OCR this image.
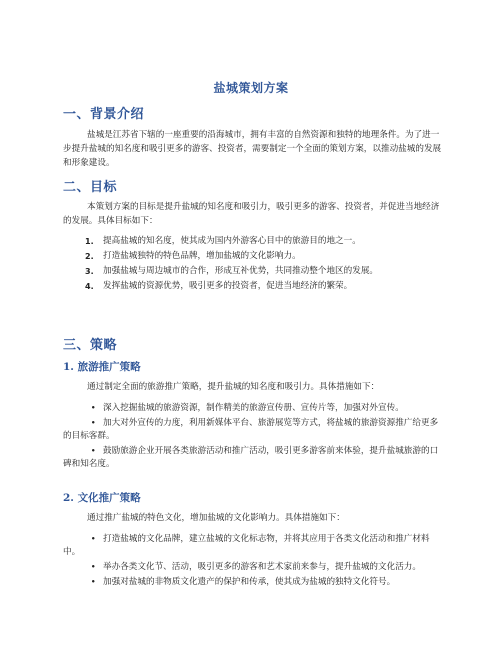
盐城策划方案
一、背景介绍
盐城是江苏省下辖的一座重要的沿海城市，拥有丰富的自然资源和独特的地理条件。为了进一步提升盐城的知名度和吸引更多的游客、投资者，需要制定一个全面的策划方案，以推动盐城的发展和形象建设。
二、目标
本策划方案的目标是提升盐城的知名度和吸引力，吸引更多的游客、投资者，并促进当地经济的发展。具体目标如下：
1. 提高盐城的知名度，使其成为国内外游客心目中的旅游目的地之一。
2. 打造盐城独特的特色品牌，增加盐城的文化影响力。
3. 加强盐城与周边城市的合作，形成互补优势，共同推动整个地区的发展。
4. 发挥盐城的资源优势，吸引更多的投资者，促进当地经济的繁荣。
三、策略
1. 旅游推广策略
通过制定全面的旅游推广策略，提升盐城的知名度和吸引力。具体措施如下：
• 深入挖掘盐城的旅游资源，制作精美的旅游宣传册、宣传片等，加强对外宣传。
• 加大对外宣传的力度，利用新媒体平台、旅游展览等方式，将盐城的旅游资源推广给更多的目标客群。
• 鼓励旅游企业开展各类旅游活动和推广活动，吸引更多游客前来体验，提升盐城旅游的口碑和知名度。
2. 文化推广策略
通过推广盐城的特色文化，增加盐城的文化影响力。具体措施如下：
• 打造盐城的文化品牌，建立盐城的文化标志物，并将其应用于各类文化活动和推广材料中。
• 举办各类文化节、活动，吸引更多的游客和艺术家前来参与，提升盐城的文化活力。
• 加强对盐城的非物质文化遗产的保护和传承，使其成为盐城的独特文化符号。
